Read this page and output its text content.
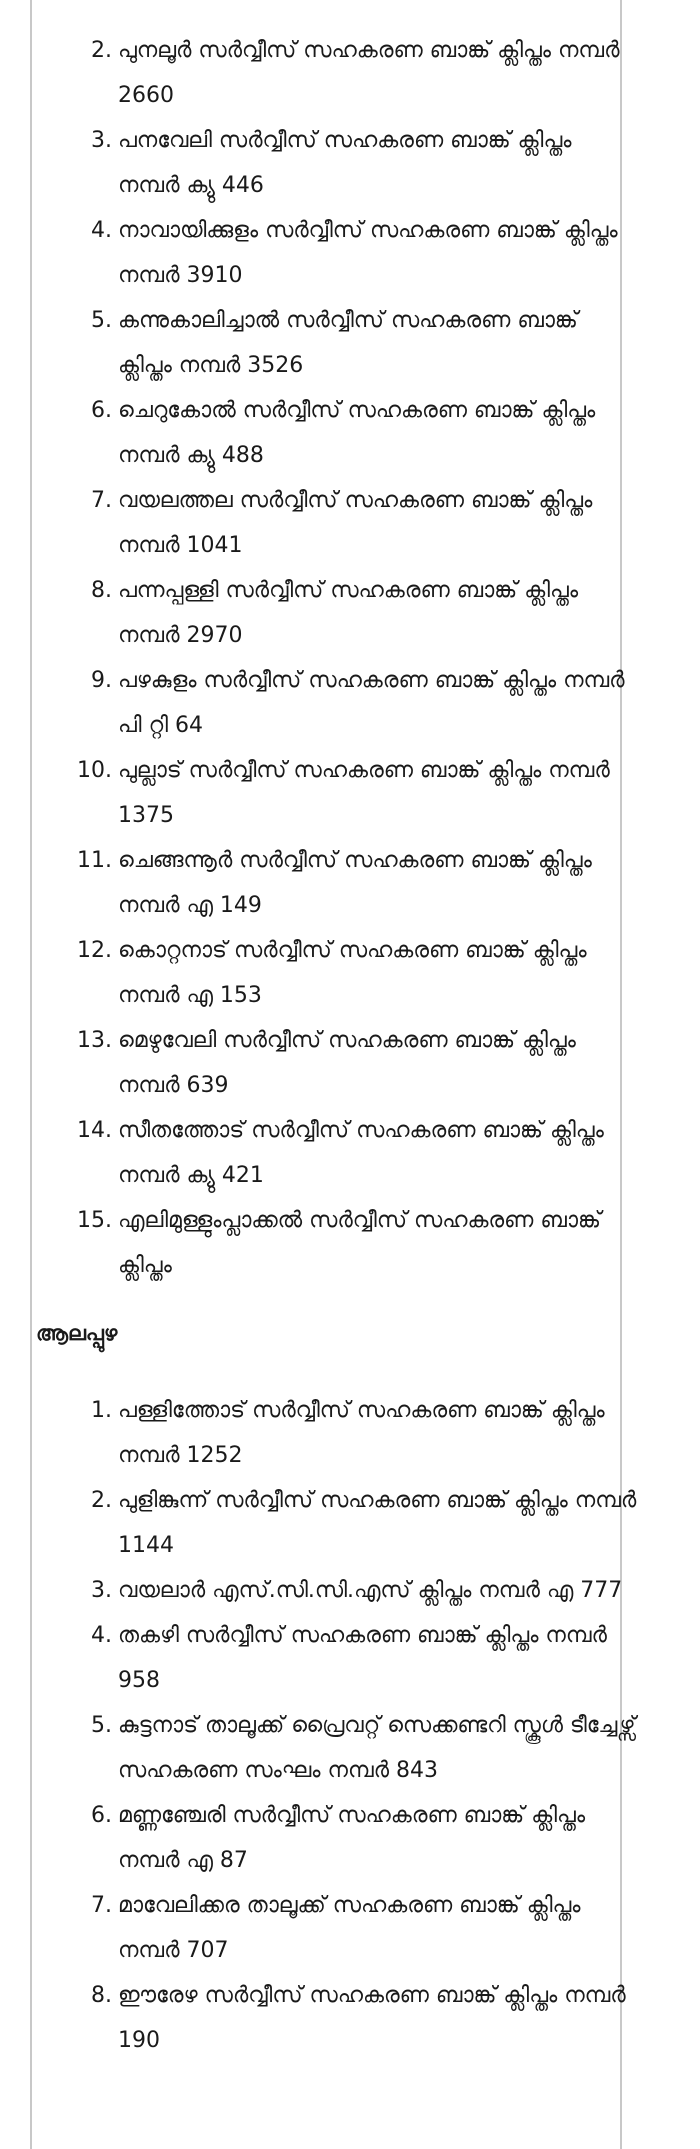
2. പുനലൂര്‍ സര്‍വ്വീസ് സഹകരണ ബാങ്ക് ക്ലിപ്തം നമ്പര്‍ 2660
3. പനവേലി സര്‍വ്വീസ് സഹകരണ ബാങ്ക് ക്ലിപ്തം നമ്പര്‍ ക്യു 446
4. നാവായിക്കുളം സര്‍വ്വീസ് സഹകരണ ബാങ്ക് ക്ലിപ്തം നമ്പര്‍ 3910
5. കന്നുകാലിച്ചാൽ സര്‍വ്വീസ് സഹകരണ ബാങ്ക് ക്ലിപ്തം നമ്പര്‍ 3526
6. ചെറുകോൽ സര്‍വ്വീസ് സഹകരണ ബാങ്ക് ക്ലിപ്തം നമ്പര്‍ ക്യു 488
7. വയലത്തല സര്‍വ്വീസ് സഹകരണ ബാങ്ക് ക്ലിപ്തം നമ്പര്‍ 1041
8. പന്നപ്പള്ളി സര്‍വ്വീസ് സഹകരണ ബാങ്ക് ക്ലിപ്തം നമ്പര്‍ 2970
9. പഴകുളം സര്‍വ്വീസ് സഹകരണ ബാങ്ക് ക്ലിപ്തം നമ്പര്‍ പി റ്റി 64
10. പുല്ലാട് സര്‍വ്വീസ് സഹകരണ ബാങ്ക് ക്ലിപ്തം നമ്പര്‍ 1375
11. ചെങ്ങന്നൂര്‍ സര്‍വ്വീസ് സഹകരണ ബാങ്ക് ക്ലിപ്തം നമ്പര്‍ എ 149
12. കൊറ്റനാട് സര്‍വ്വീസ് സഹകരണ ബാങ്ക് ക്ലിപ്തം നമ്പര്‍ എ 153
13. മെഴുവേലി സര്‍വ്വീസ് സഹകരണ ബാങ്ക് ക്ലിപ്തം നമ്പര്‍ 639
14. സീതത്തോട് സര്‍വ്വീസ് സഹകരണ ബാങ്ക് ക്ലിപ്തം നമ്പര്‍ ക്യു 421
15. എലിമുള്ളുംപ്ലാക്കൽ സര്‍വ്വീസ് സഹകരണ ബാങ്ക് ക്ലിപ്തം
ആലപ്പുഴ
1. പള്ളിത്തോട് സര്‍വ്വീസ് സഹകരണ ബാങ്ക് ക്ലിപ്തം നമ്പര്‍ 1252
2. പുളിങ്കുന്ന് സര്‍വ്വീസ് സഹകരണ ബാങ്ക് ക്ലിപ്തം നമ്പര്‍ 1144
3. വയലാര്‍ എസ്.സി.സി.എസ് ക്ലിപ്തം നമ്പര്‍ എ 777
4. തകഴി സര്‍വ്വീസ് സഹകരണ ബാങ്ക് ക്ലിപ്തം നമ്പര്‍ 958
5. കുട്ടനാട് താലൂക്ക് പ്രൈവറ്റ് സെക്കണ്ടറി സ്കൂള്‍ ടീച്ചേഴ്സ് സഹകരണ സംഘം നമ്പര്‍ 843
6. മണ്ണഞ്ചേരി സര്‍വ്വീസ് സഹകരണ ബാങ്ക് ക്ലിപ്തം നമ്പര്‍ എ 87
7. മാവേലിക്കര താലൂക്ക് സഹകരണ ബാങ്ക് ക്ലിപ്തം നമ്പര്‍ 707
8. ഈരേഴ സര്‍വ്വീസ് സഹകരണ ബാങ്ക് ക്ലിപ്തം നമ്പര്‍ 190
